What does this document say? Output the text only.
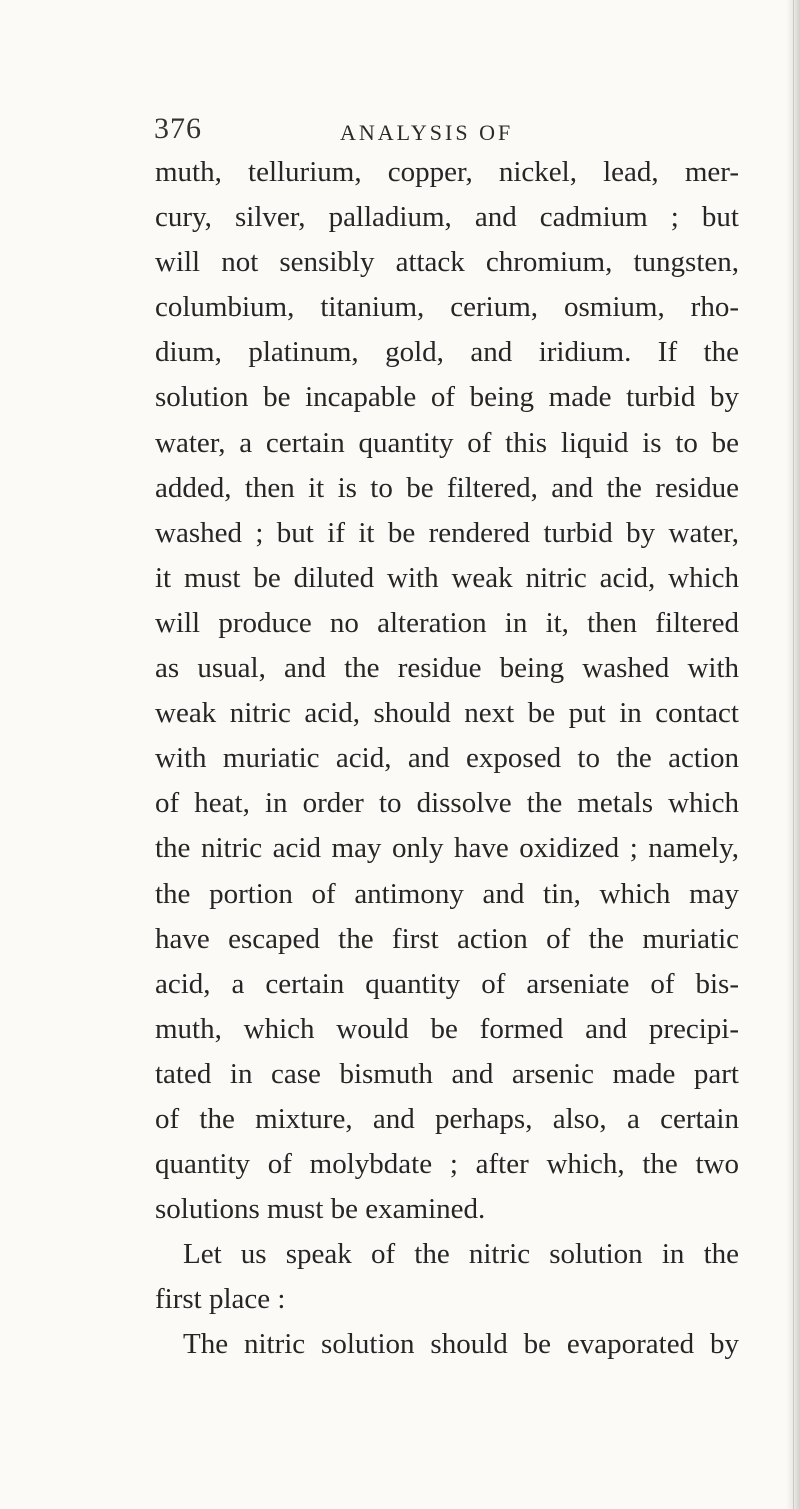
376	ANALYSIS OF
muth, tellurium, copper, nickel, lead, mer-
cury, silver, palladium, and cadmium ; but
will not sensibly attack chromium, tungsten,
columbium, titanium, cerium, osmium, rho-
dium, platinum, gold, and iridium. If the
solution be incapable of being made turbid by
water, a certain quantity of this liquid is to be
added, then it is to be filtered, and the residue
washed ; but if it be rendered turbid by water,
it must be diluted with weak nitric acid, which
will produce no alteration in it, then filtered
as usual, and the residue being washed with
weak nitric acid, should next be put in contact
with muriatic acid, and exposed to the action
of heat, in order to dissolve the metals which
the nitric acid may only have oxidized ; namely,
the portion of antimony and tin, which may
have escaped the first action of the muriatic
acid, a certain quantity of arseniate of bis-
muth, which would be formed and precipi-
tated in case bismuth and arsenic made part
of the mixture, and perhaps, also, a certain
quantity of molybdate ; after which, the two
solutions must be examined.
Let us speak of the nitric solution in the
first place :
The nitric solution should be evaporated by
